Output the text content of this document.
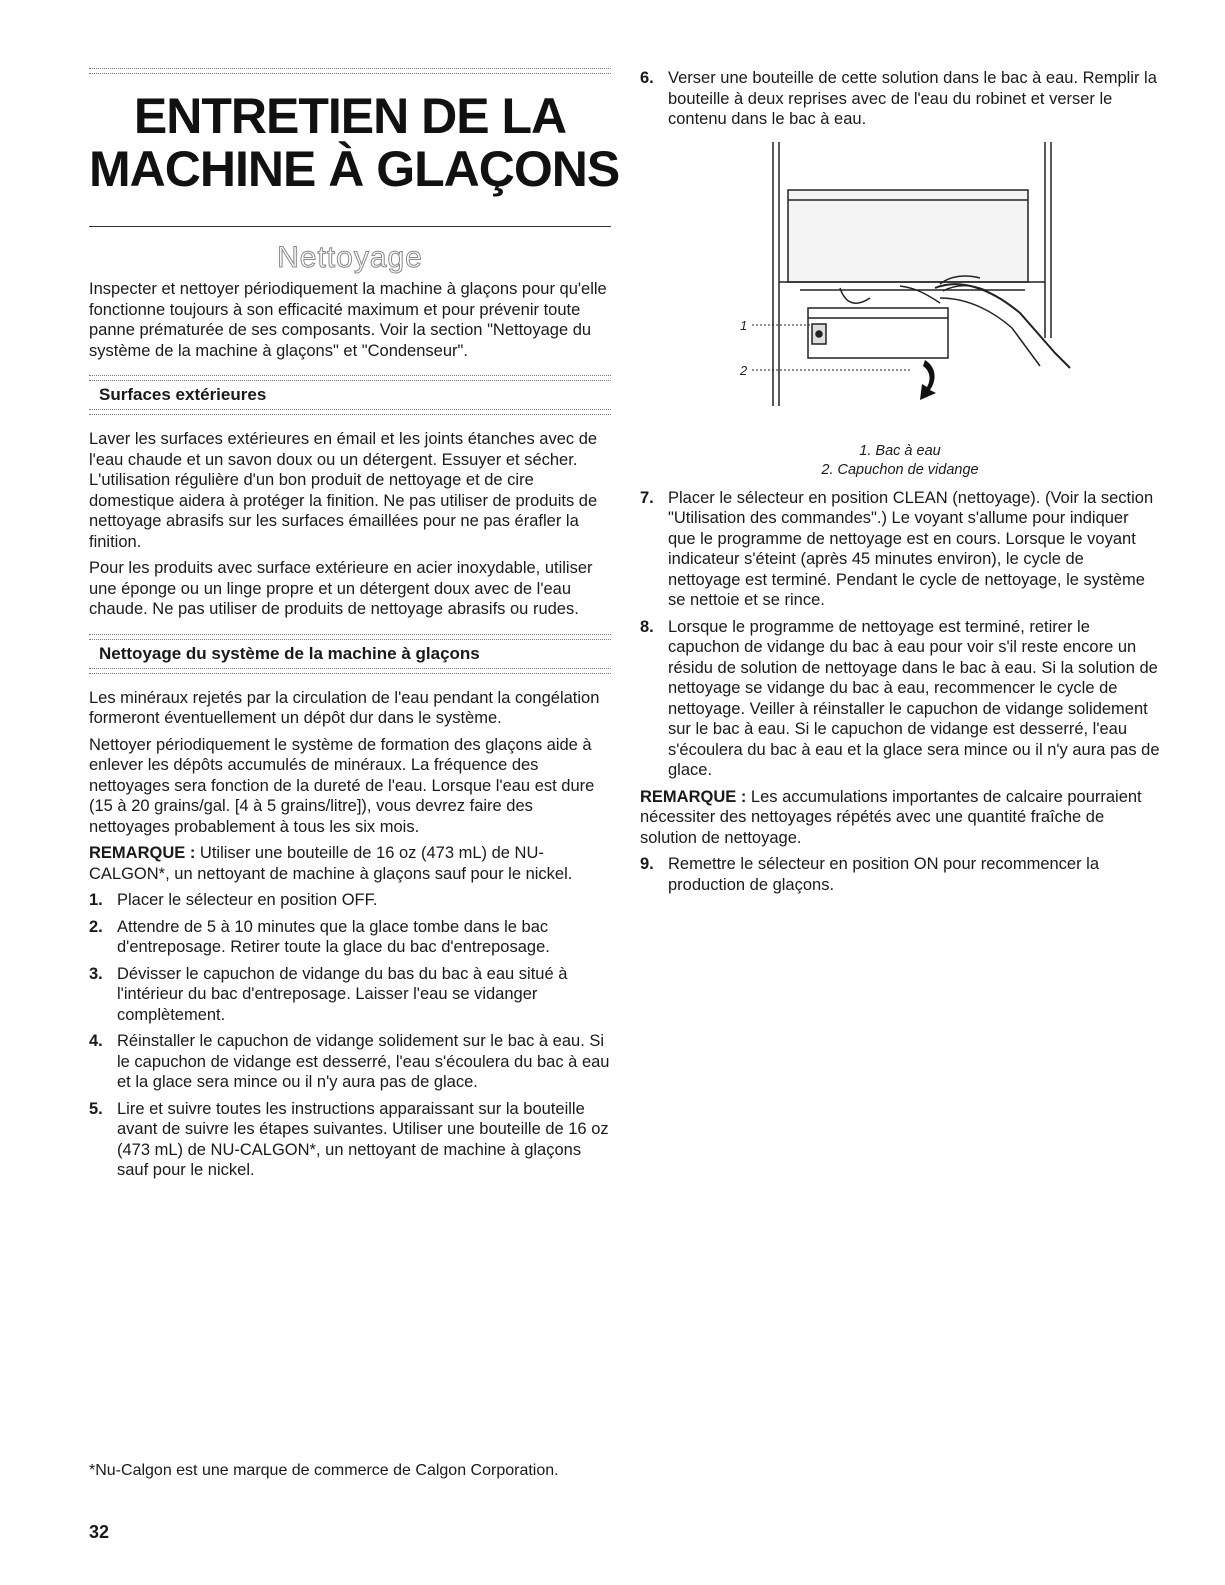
ENTRETIEN DE LA
MACHINE À GLAÇONS
Nettoyage

Inspecter et nettoyer périodiquement la machine à glaçons pour qu'elle fonctionne toujours à son efficacité maximum et pour prévenir toute panne prématurée de ses composants. Voir la section "Nettoyage du système de la machine à glaçons" et "Condenseur".

Surfaces extérieures

Laver les surfaces extérieures en émail et les joints étanches avec de l'eau chaude et un savon doux ou un détergent. Essuyer et sécher. L'utilisation régulière d'un bon produit de nettoyage et de cire domestique aidera à protéger la finition. Ne pas utiliser de produits de nettoyage abrasifs sur les surfaces émaillées pour ne pas érafler la finition.

Pour les produits avec surface extérieure en acier inoxydable, utiliser une éponge ou un linge propre et un détergent doux avec de l'eau chaude. Ne pas utiliser de produits de nettoyage abrasifs ou rudes.

Nettoyage du système de la machine à glaçons

Les minéraux rejetés par la circulation de l'eau pendant la congélation formeront éventuellement un dépôt dur dans le système.

Nettoyer périodiquement le système de formation des glaçons aide à enlever les dépôts accumulés de minéraux. La fréquence des nettoyages sera fonction de la dureté de l'eau. Lorsque l'eau est dure (15 à 20 grains/gal. [4 à 5 grains/litre]), vous devrez faire des nettoyages probablement à tous les six mois.

REMARQUE : Utiliser une bouteille de 16 oz (473 mL) de NU-CALGON*, un nettoyant de machine à glaçons sauf pour le nickel.

1. Placer le sélecteur en position OFF.
2. Attendre de 5 à 10 minutes que la glace tombe dans le bac d'entreposage. Retirer toute la glace du bac d'entreposage.
3. Dévisser le capuchon de vidange du bas du bac à eau situé à l'intérieur du bac d'entreposage. Laisser l'eau se vidanger complètement.
4. Réinstaller le capuchon de vidange solidement sur le bac à eau. Si le capuchon de vidange est desserré, l'eau s'écoulera du bac à eau et la glace sera mince ou il n'y aura pas de glace.
5. Lire et suivre toutes les instructions apparaissant sur la bouteille avant de suivre les étapes suivantes. Utiliser une bouteille de 16 oz (473 mL) de NU-CALGON*, un nettoyant de machine à glaçons sauf pour le nickel.
6. Verser une bouteille de cette solution dans le bac à eau. Remplir la bouteille à deux reprises avec de l'eau du robinet et verser le contenu dans le bac à eau.
1
2
1. Bac à eau
2. Capuchon de vidange
7. Placer le sélecteur en position CLEAN (nettoyage). (Voir la section "Utilisation des commandes".) Le voyant s'allume pour indiquer que le programme de nettoyage est en cours. Lorsque le voyant indicateur s'éteint (après 45 minutes environ), le cycle de nettoyage est terminé. Pendant le cycle de nettoyage, le système se nettoie et se rince.
8. Lorsque le programme de nettoyage est terminé, retirer le capuchon de vidange du bac à eau pour voir s'il reste encore un résidu de solution de nettoyage dans le bac à eau. Si la solution de nettoyage se vidange du bac à eau, recommencer le cycle de nettoyage. Veiller à réinstaller le capuchon de vidange solidement sur le bac à eau. Si le capuchon de vidange est desserré, l'eau s'écoulera du bac à eau et la glace sera mince ou il n'y aura pas de glace.

REMARQUE : Les accumulations importantes de calcaire pourraient nécessiter des nettoyages répétés avec une quantité fraîche de solution de nettoyage.

9. Remettre le sélecteur en position ON pour recommencer la production de glaçons.
*Nu-Calgon est une marque de commerce de Calgon Corporation.
32
